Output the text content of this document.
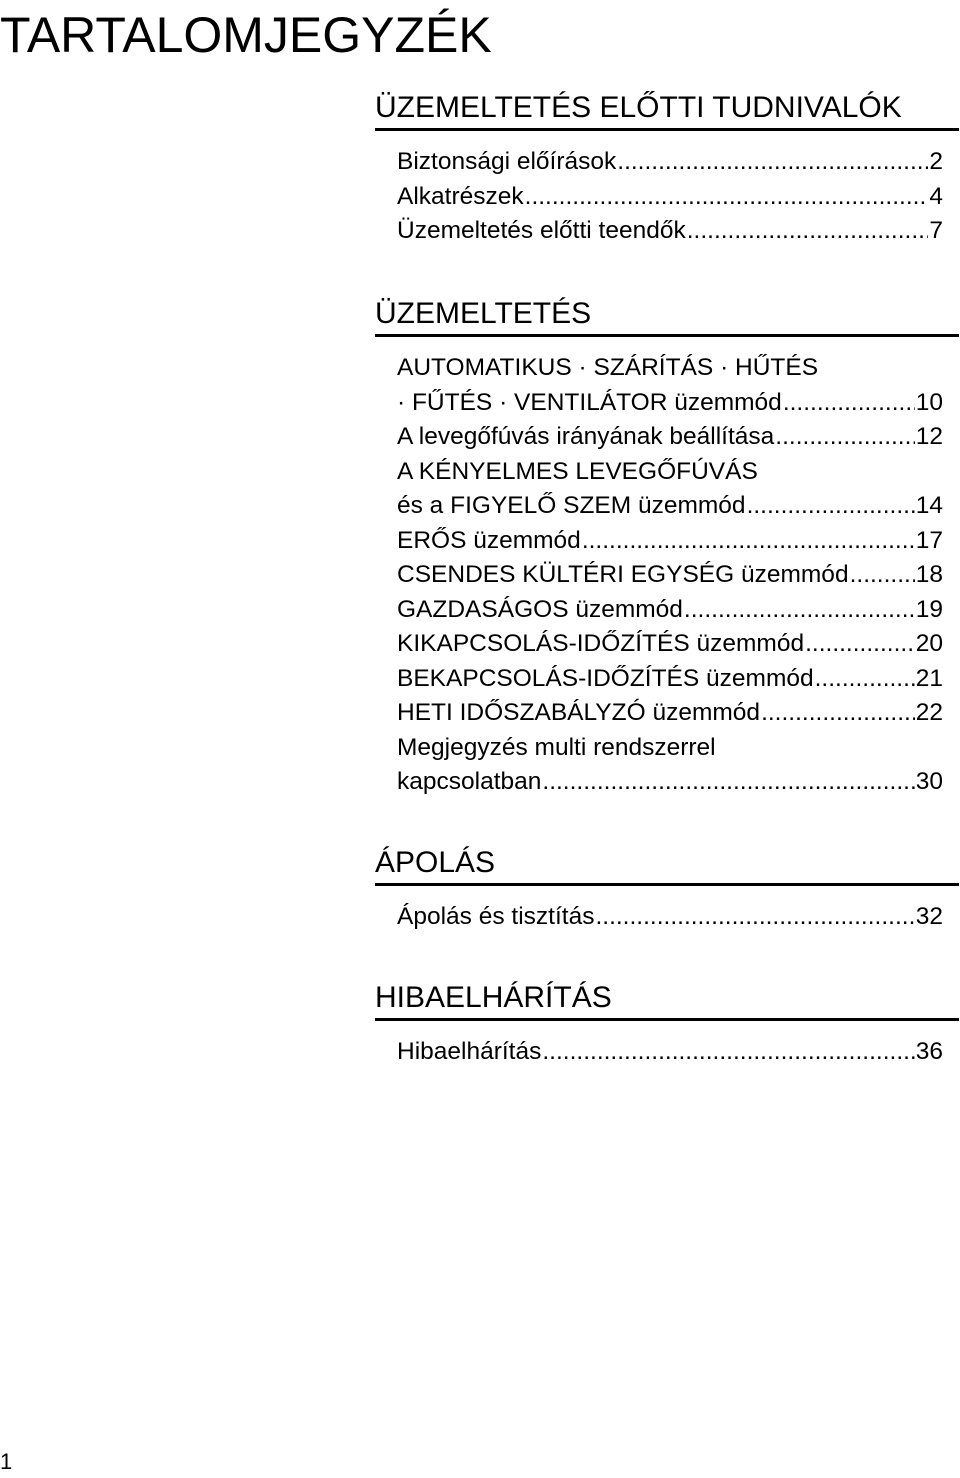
TARTALOMJEGYZÉK
ÜZEMELTETÉS ELŐTTI TUDNIVALÓK
Biztonsági előírások .....	2
Alkatrészek .....	4
Üzemeltetés előtti teendők .....	7
ÜZEMELTETÉS
AUTOMATIKUS · SZÁRÍTÁS · HŰTÉS
· FŰTÉS · VENTILÁTOR üzemmód .....	10
A levegőfúvás irányának beállítása .....	12
A KÉNYELMES LEVEGŐFÚVÁS
és a FIGYELŐ SZEM üzemmód .....	14
ERŐS üzemmód .....	17
CSENDES KÜLTÉRI EGYSÉG üzemmód .....	18
GAZDASÁGOS üzemmód .....	19
KIKAPCSOLÁS-IDŐZÍTÉS üzemmód .....	20
BEKAPCSOLÁS-IDŐZÍTÉS üzemmód .....	21
HETI IDŐSZABÁLYZÓ üzemmód .....	22
Megjegyzés multi rendszerrel
kapcsolatban .....	30
ÁPOLÁS
Ápolás és tisztítás .....	32
HIBAELHÁRÍTÁS
Hibaelhárítás .....	36
1
